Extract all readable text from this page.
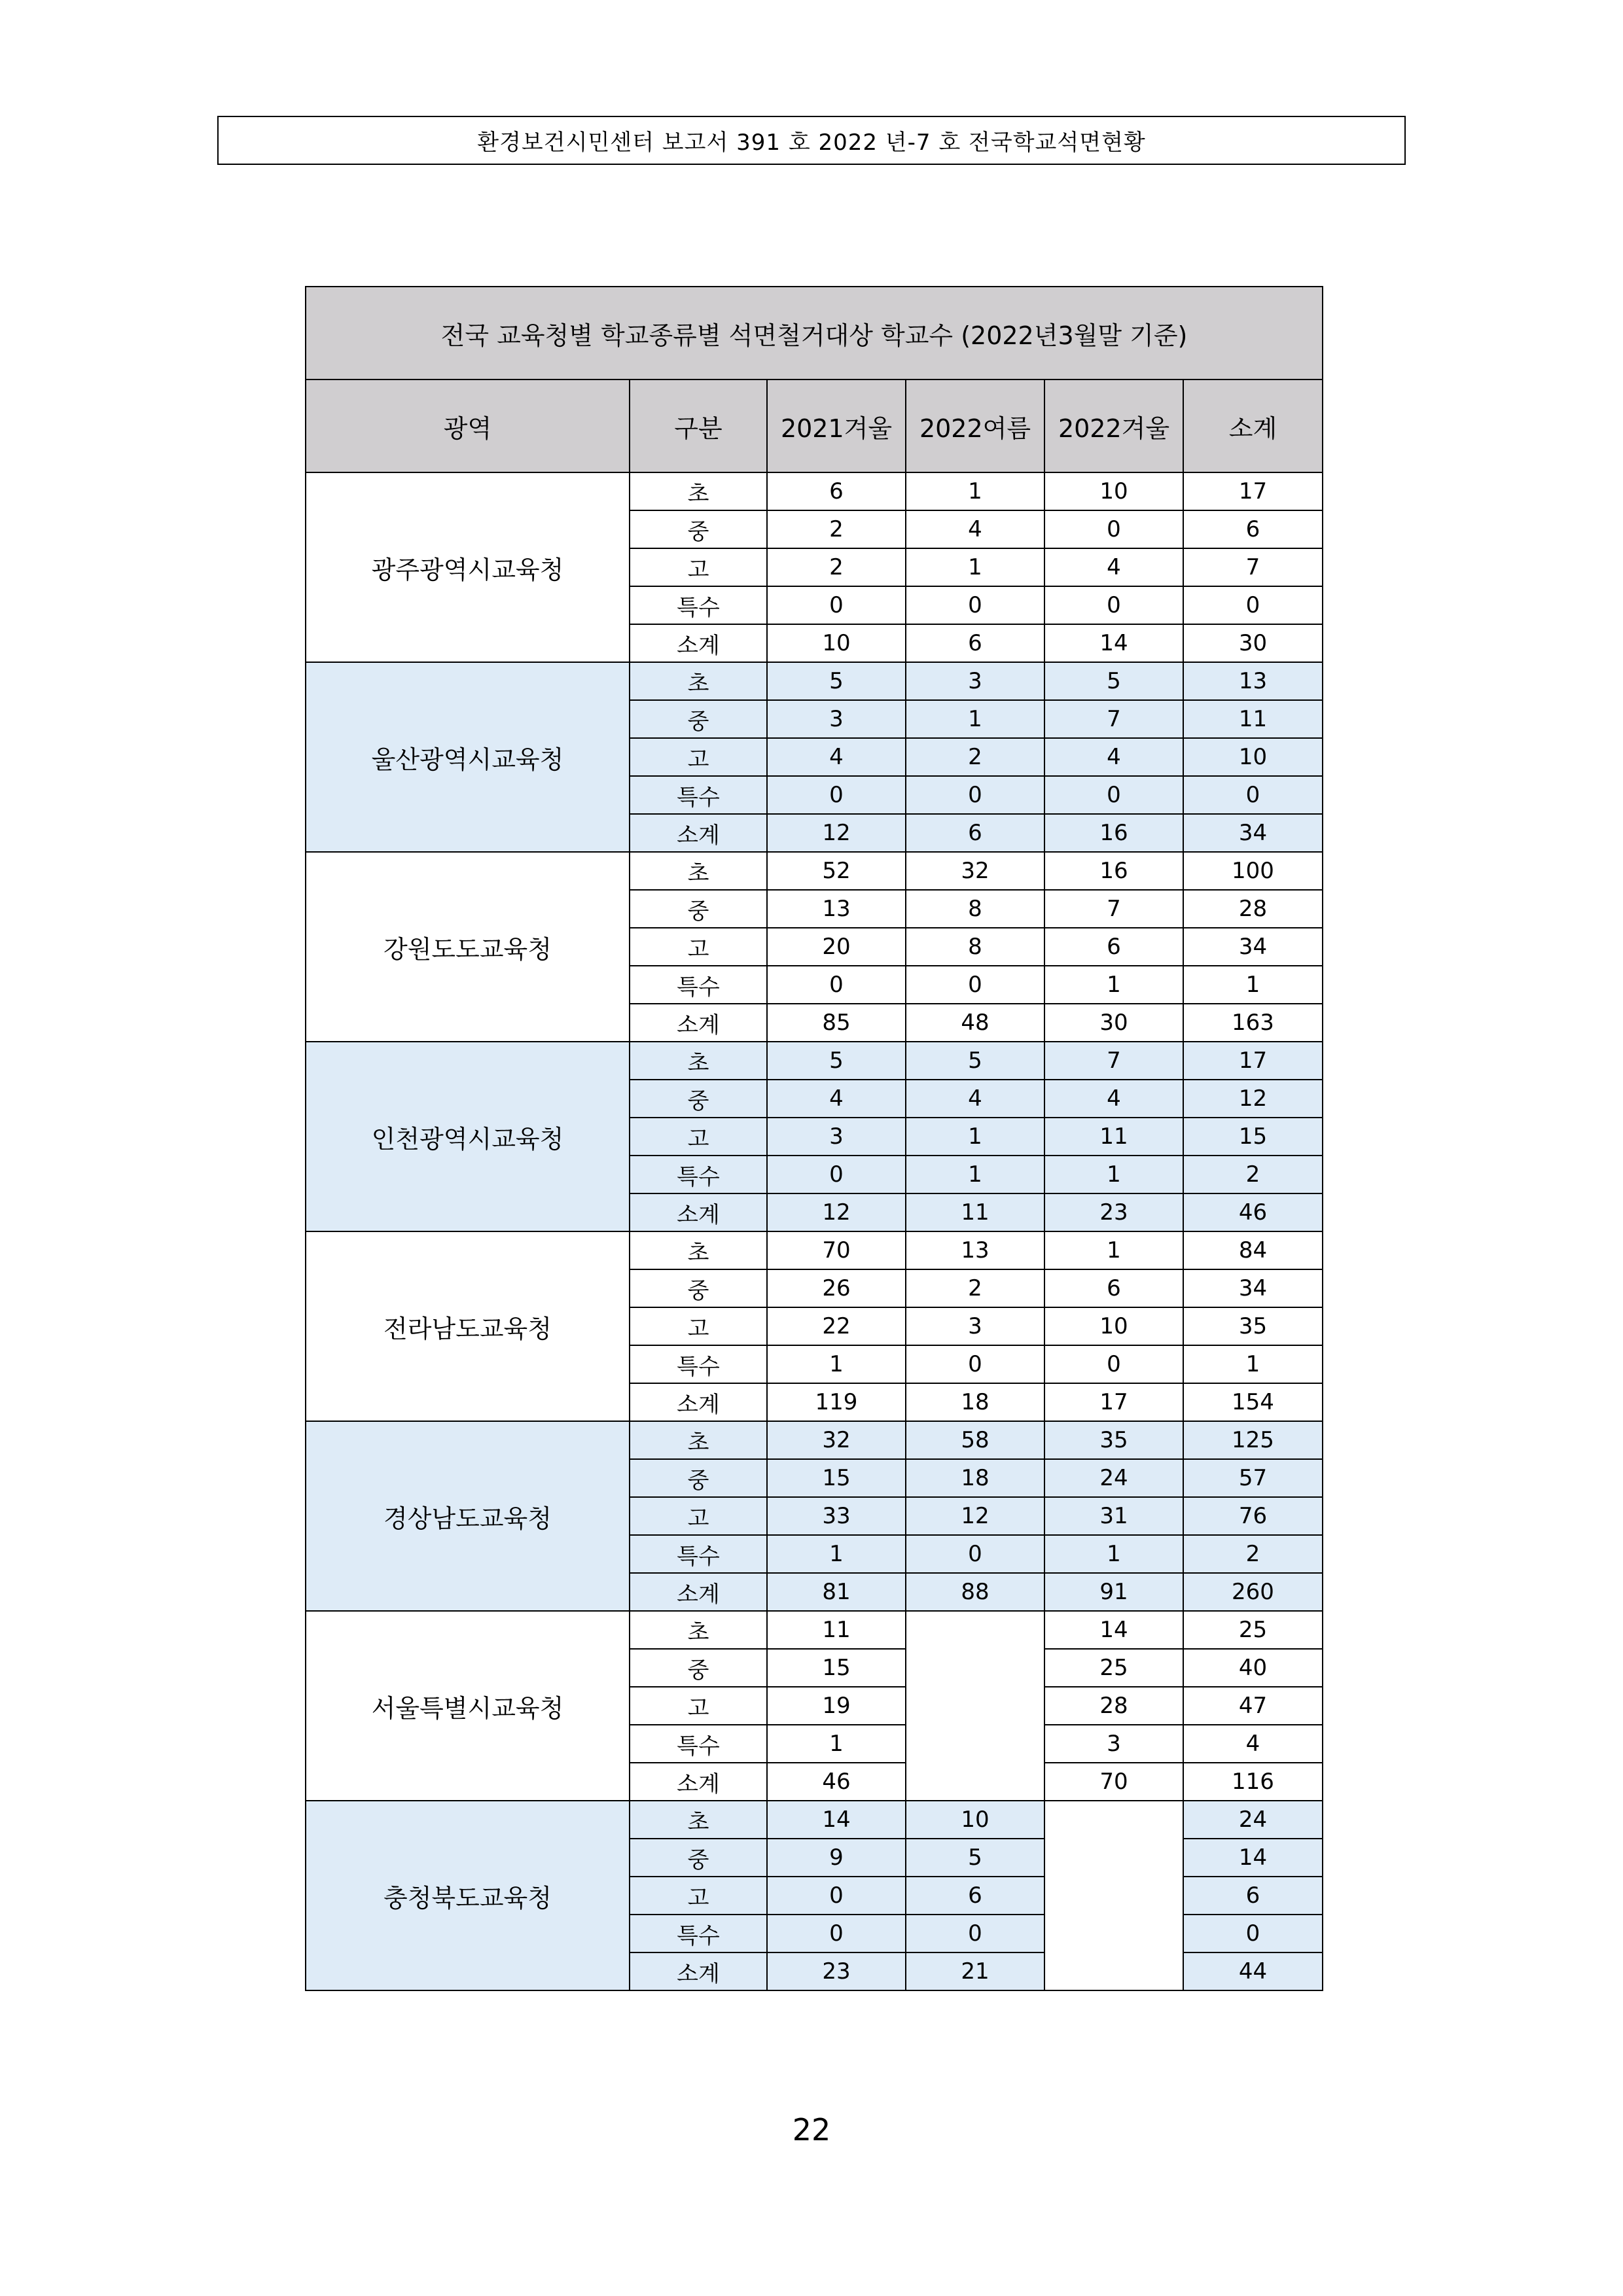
환경보건시민센터 보고서 391 호 2022 년-7 호 전국학교석면현황
전국 교육청별 학교종류별 석면철거대상 학교수 (2022년3월말 기준)					
광역	구분	2021겨울	2022여름	2022겨울	소계
광주광역시교육청	초	6	1	10	17
	중	2	4	0	6
	고	2	1	4	7
	특수	0	0	0	0
	소계	10	6	14	30
울산광역시교육청	초	5	3	5	13
	중	3	1	7	11
	고	4	2	4	10
	특수	0	0	0	0
	소계	12	6	16	34
강원도도교육청	초	52	32	16	100
	중	13	8	7	28
	고	20	8	6	34
	특수	0	0	1	1
	소계	85	48	30	163
인천광역시교육청	초	5	5	7	17
	중	4	4	4	12
	고	3	1	11	15
	특수	0	1	1	2
	소계	12	11	23	46
전라남도교육청	초	70	13	1	84
	중	26	2	6	34
	고	22	3	10	35
	특수	1	0	0	1
	소계	119	18	17	154
경상남도교육청	초	32	58	35	125
	중	15	18	24	57
	고	33	12	31	76
	특수	1	0	1	2
	소계	81	88	91	260
서울특별시교육청	초	11		14	25
	중	15		25	40
	고	19		28	47
	특수	1		3	4
	소계	46		70	116
충청북도교육청	초	14	10		24
	중	9	5		14
	고	0	6		6
	특수	0	0		0
	소계	23	21		44
22
